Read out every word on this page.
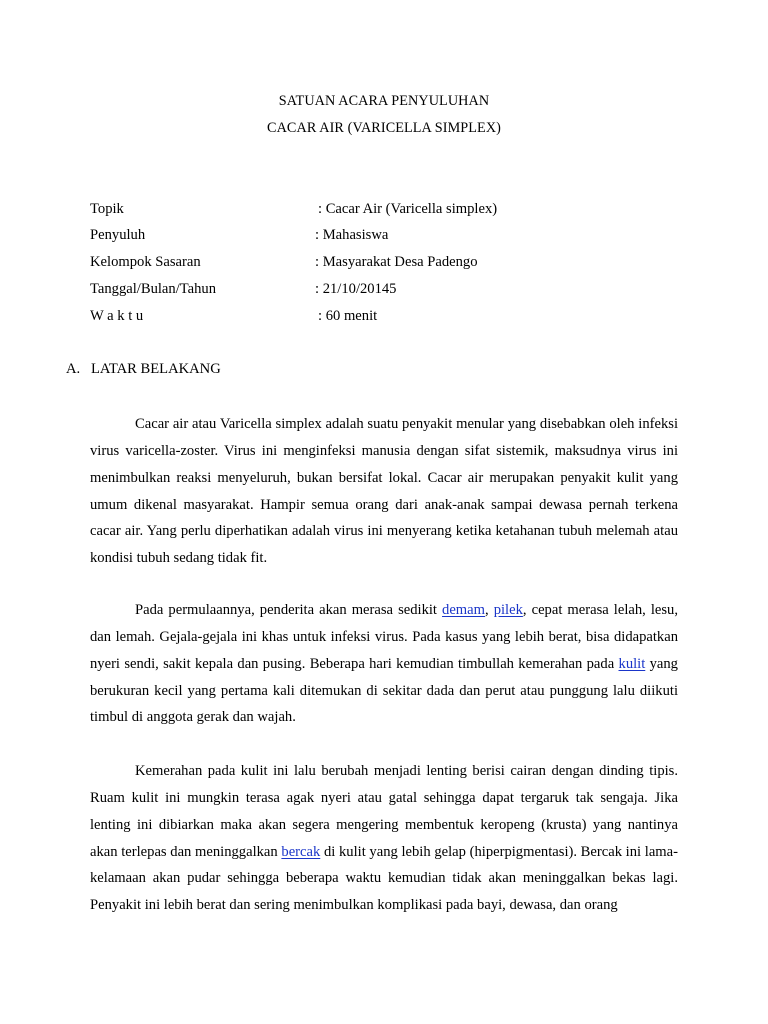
SATUAN ACARA PENYULUHAN
CACAR AIR (VARICELLA SIMPLEX)
Topik	: Cacar Air (Varicella simplex)
Penyuluh	: Mahasiswa
Kelompok Sasaran	: Masyarakat Desa Padengo
Tanggal/Bulan/Tahun	: 21/10/20145
W a k t u	: 60 menit
A. LATAR BELAKANG

Cacar air atau Varicella simplex adalah suatu penyakit menular yang disebabkan oleh infeksi virus varicella-zoster. Virus ini menginfeksi manusia dengan sifat sistemik, maksudnya virus ini menimbulkan reaksi menyeluruh, bukan bersifat lokal. Cacar air merupakan penyakit kulit yang umum dikenal masyarakat. Hampir semua orang dari anak-anak sampai dewasa pernah terkena cacar air. Yang perlu diperhatikan adalah virus ini menyerang ketika ketahanan tubuh melemah atau kondisi tubuh sedang tidak fit.

Pada permulaannya, penderita akan merasa sedikit demam, pilek, cepat merasa lelah, lesu, dan lemah. Gejala-gejala ini khas untuk infeksi virus. Pada kasus yang lebih berat, bisa didapatkan nyeri sendi, sakit kepala dan pusing. Beberapa hari kemudian timbullah kemerahan pada kulit yang berukuran kecil yang pertama kali ditemukan di sekitar dada dan perut atau punggung lalu diikuti timbul di anggota gerak dan wajah.

Kemerahan pada kulit ini lalu berubah menjadi lenting berisi cairan dengan dinding tipis. Ruam kulit ini mungkin terasa agak nyeri atau gatal sehingga dapat tergaruk tak sengaja. Jika lenting ini dibiarkan maka akan segera mengering membentuk keropeng (krusta) yang nantinya akan terlepas dan meninggalkan bercak di kulit yang lebih gelap (hiperpigmentasi). Bercak ini lama-kelamaan akan pudar sehingga beberapa waktu kemudian tidak akan meninggalkan bekas lagi. Penyakit ini lebih berat dan sering menimbulkan komplikasi pada bayi, dewasa, dan orang
